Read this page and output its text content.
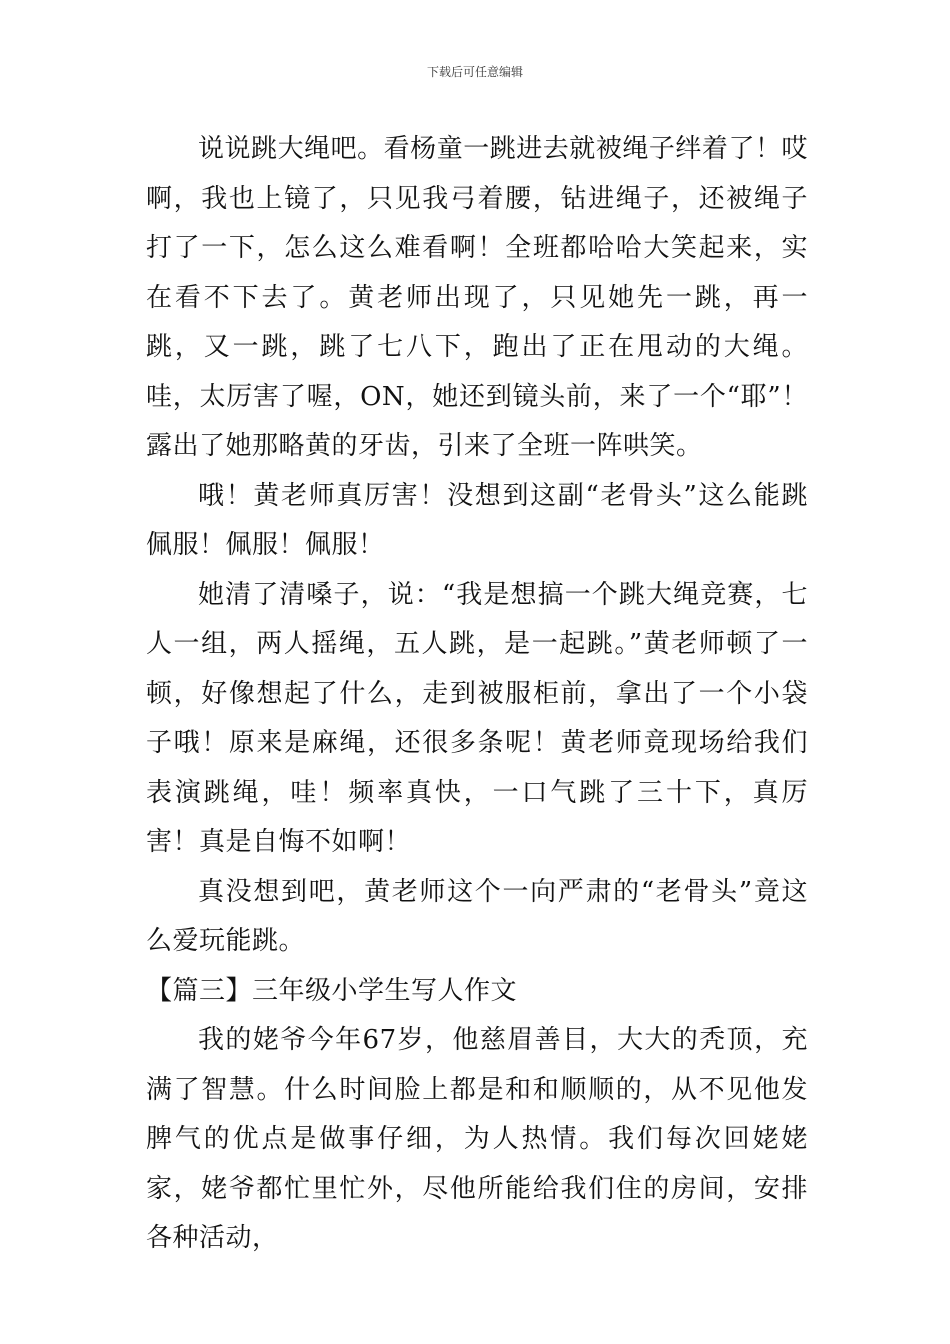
下载后可任意编辑

说说跳大绳吧。看杨童一跳进去就被绳子绊着了！哎啊，我也上镜了，只见我弓着腰，钻进绳子，还被绳子打了一下，怎么这么难看啊！全班都哈哈大笑起来，实在看不下去了。黄老师出现了，只见她先一跳，再一跳，又一跳，跳了七八下，跑出了正在甩动的大绳。哇，太厉害了喔，ON，她还到镜头前，来了一个“耶”！露出了她那略黄的牙齿，引来了全班一阵哄笑。

哦！黄老师真厉害！没想到这副“老骨头”这么能跳佩服！佩服！佩服！

她清了清嗓子，说：“我是想搞一个跳大绳竞赛，七人一组，两人摇绳，五人跳，是一起跳。”黄老师顿了一顿，好像想起了什么，走到被服柜前，拿出了一个小袋子哦！原来是麻绳，还很多条呢！黄老师竟现场给我们表演跳绳，哇！频率真快，一口气跳了三十下，真厉害！真是自悔不如啊！

真没想到吧，黄老师这个一向严肃的“老骨头”竟这么爱玩能跳。

【篇三】三年级小学生写人作文

我的姥爷今年67岁，他慈眉善目，大大的秃顶，充满了智慧。什么时间脸上都是和和顺顺的，从不见他发脾气的优点是做事仔细，为人热情。我们每次回姥姥家，姥爷都忙里忙外，尽他所能给我们住的房间，安排各种活动，
